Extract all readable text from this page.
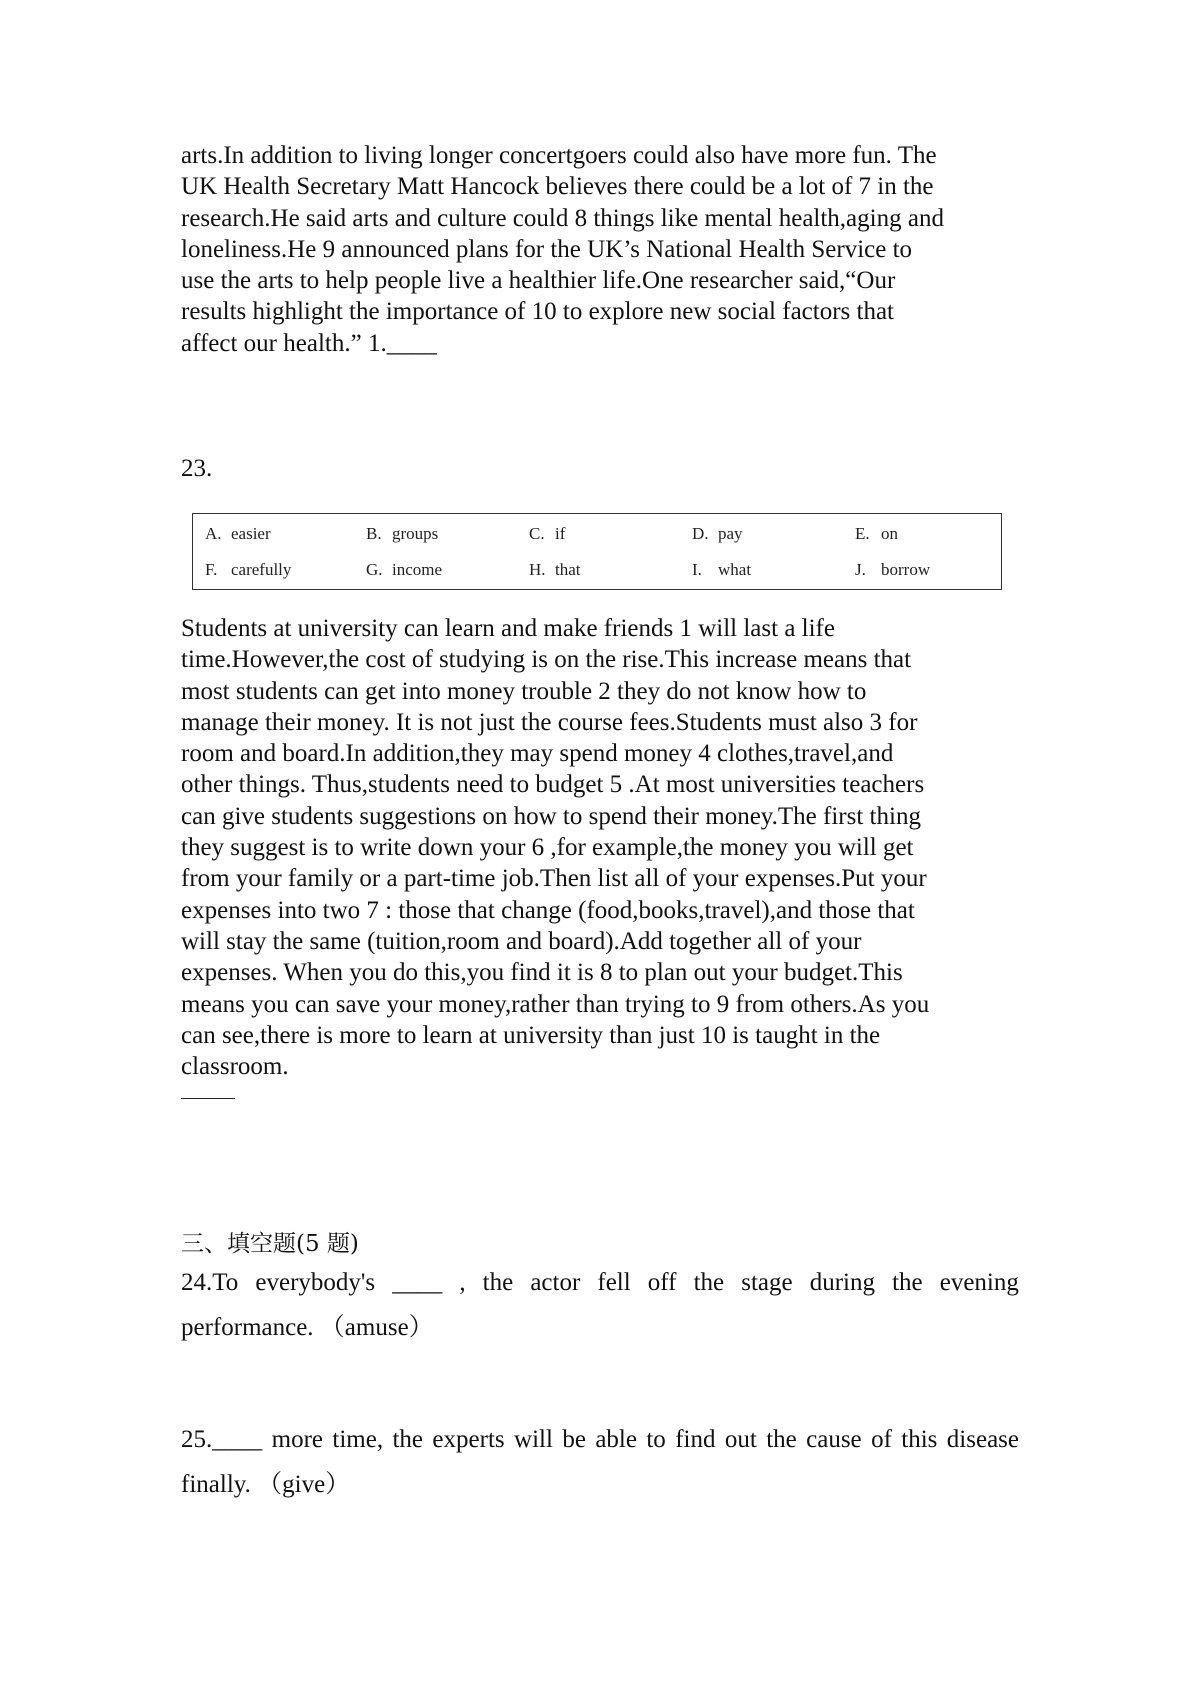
arts.In addition to living longer concertgoers could also have more fun. The
UK Health Secretary Matt Hancock believes there could be a lot of 7 in the
research.He said arts and culture could 8 things like mental health,aging and
loneliness.He 9 announced plans for the UK’s National Health Service to
use the arts to help people live a healthier life.One researcher said,“Our
results highlight the importance of 10 to explore new social factors that
affect our health.” 1.____
23.
A. easier	B. groups	C. if	D. pay	E. on
F. carefully	G. income	H. that	I. what	J. borrow
Students at university can learn and make friends 1 will last a life
time.However,the cost of studying is on the rise.This increase means that
most students can get into money trouble 2 they do not know how to
manage their money. It is not just the course fees.Students must also 3 for
room and board.In addition,they may spend money 4 clothes,travel,and
other things. Thus,students need to budget 5 .At most universities teachers
can give students suggestions on how to spend their money.The first thing
they suggest is to write down your 6 ,for example,the money you will get
from your family or a part-time job.Then list all of your expenses.Put your
expenses into two 7 : those that change (food,books,travel),and those that
will stay the same (tuition,room and board).Add together all of your
expenses. When you do this,you find it is 8 to plan out your budget.This
means you can save your money,rather than trying to 9 from others.As you
can see,there is more to learn at university than just 10 is taught in the
classroom.
三、填空题(5 题)
24.To everybody's ____ , the actor fell off the stage during the evening
performance. （amuse）
25.____ more time, the experts will be able to find out the cause of this disease
finally. （give）
